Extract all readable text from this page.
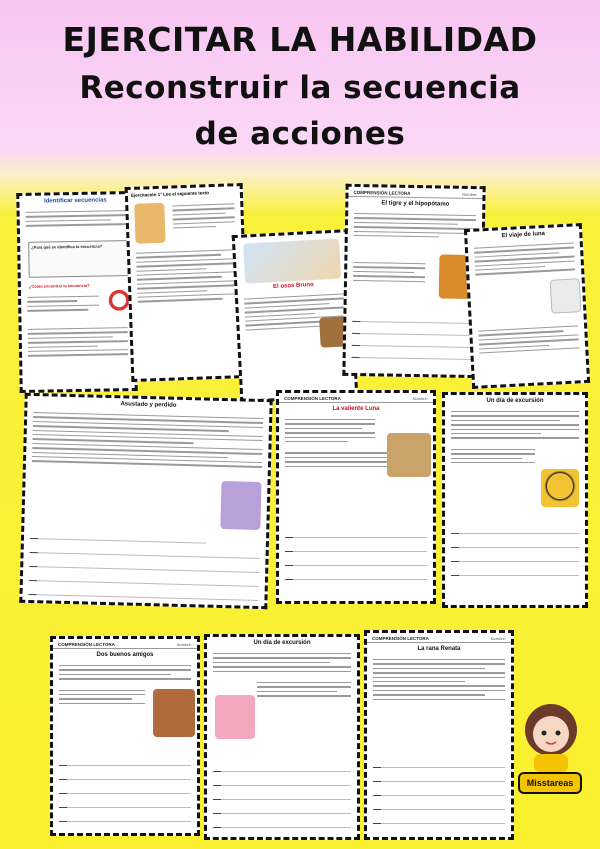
EJERCITAR LA HABILIDAD
Reconstruir la secuencia
de acciones
Identificar secuencias
¿Para qué se identifica la secuencia?
¿Cómo encontrar la secuencia?
Ejercitación 1° Lee el siguiente texto
El osos Bruno
COMPRENSIÓN LECTORA	Nombre:
El tigre y el hipopótamo
El viaje de luna
Asustado y perdido
COMPRENSIÓN LECTORA	Nombre:
La valiente Luna
Un día de excursión
COMPRENSIÓN LECTORA	Nombre:
Dos buenos amigos
Un día de excursión
COMPRENSIÓN LECTORA	Nombre:
La rana Renata
Misstareas
